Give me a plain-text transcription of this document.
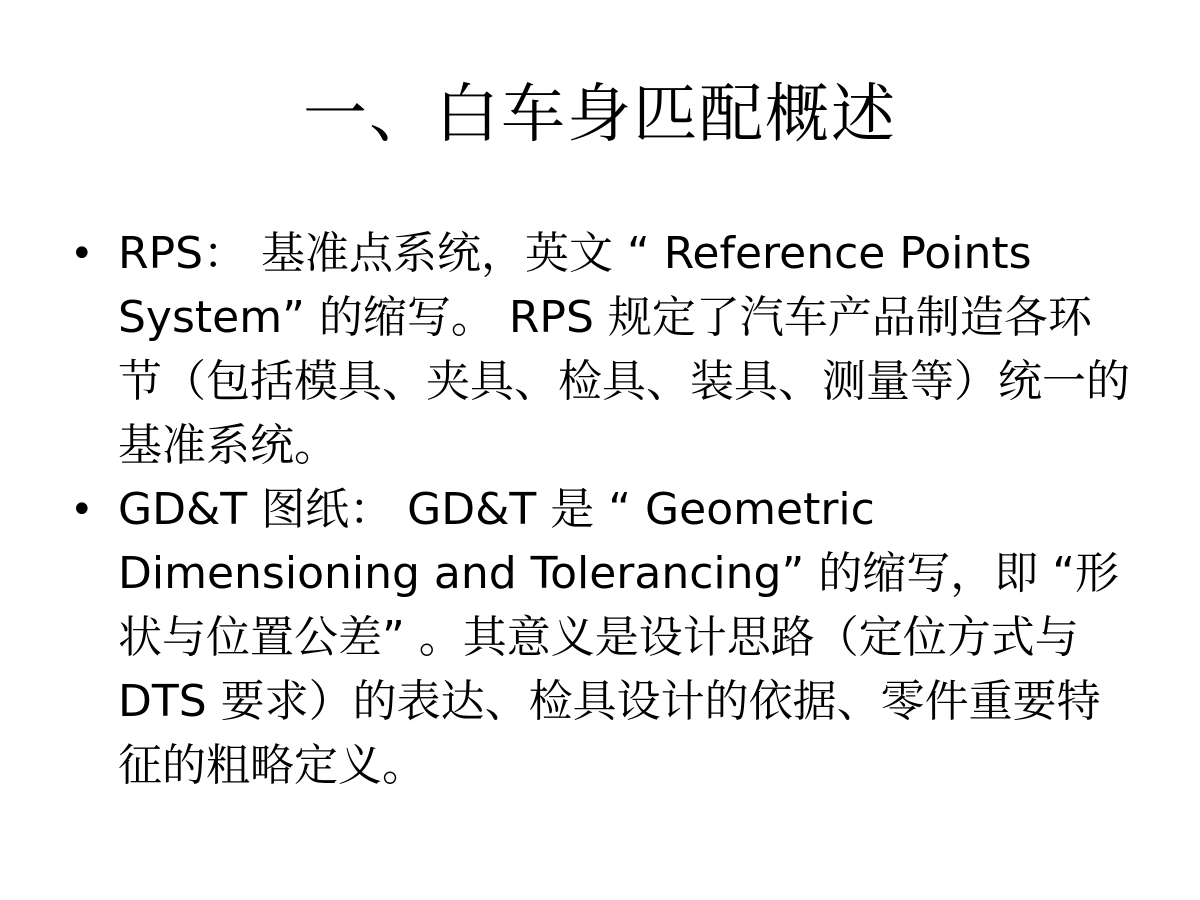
一、白车身匹配概述
• RPS： 基准点系统，英文 “ Reference Points System” 的缩写。 RPS 规定了汽车产品制造各环节（包括模具、夹具、检具、装具、测量等）统一的基准系统。
• GD&T 图纸： GD&T 是 “ Geometric Dimensioning and Tolerancing” 的缩写，即 “形状与位置公差” 。其意义是设计思路（定位方式与 DTS 要求）的表达、检具设计的依据、零件重要特征的粗略定义。
